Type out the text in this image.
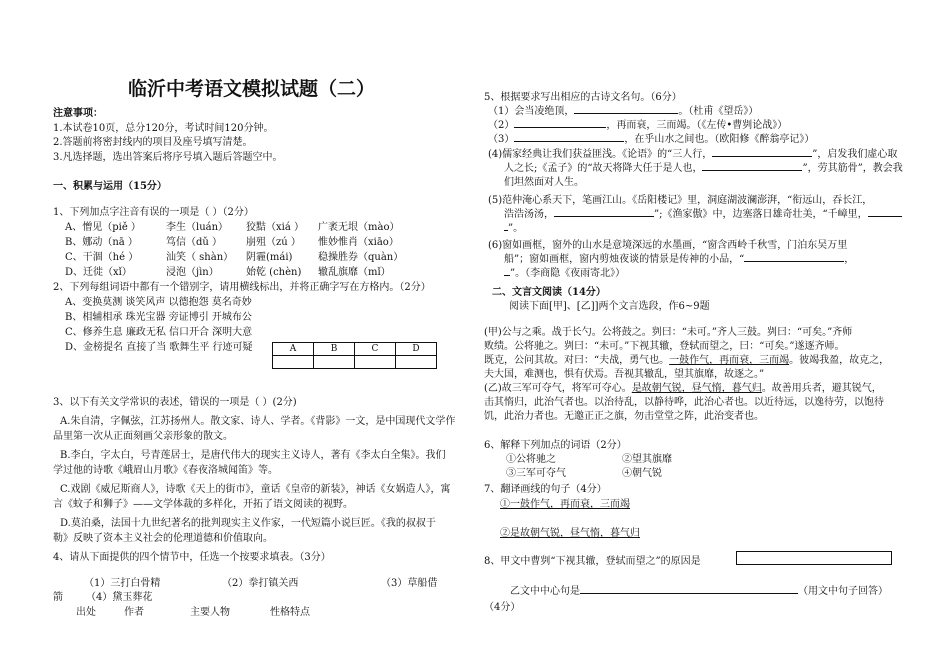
临沂中考语文模拟试题（二）
注意事项：
1.本试卷10页，总分120分，考试时间120分钟。
2.答题前将密封线内的项目及座号填写清楚。
3.凡选择题，选出答案后将序号填入题后答题空中。
一、积累与运用（15分）
1、下列加点字注音有误的一项是（ ）（2分）
A、憎见（piě ）	李生（luán） 狡黠（xiá ） 广袤无垠（mào）
B、娜动（nā ）	笃信（dǔ ） 崩殂（zú ） 惟妙惟肖（xiāo）
C、干涸（hé ）	汕笑（ shàn） 阴霾(mái)	稳操胜券（quàn）
D、迁徙（xǐ）	浸泡（jìn）	始乾 (chèn) 辙乱旗靡（mǐ）
2、下列每组词语中都有一个错别字，请用横线标出，并将正确字写在方格内。（2分）
A、变换莫测 谈笑风声 以德抱怨 莫名奇妙
B、相辅相承 珠光宝器 旁证博引 开城布公
C、修养生息 廉政无私 信口开合 深明大意
D、金榜提名 直接了当 歌舞生平 行迹可疑	A	B	C	D

3、以下有关文学常识的表述，错误的一项是（ ）(2分)
A.朱自清，字佩弦，江苏扬州人。散文家、诗人、学者。《背影》一文，是中国现代文学作
品里第一次从正面刻画父亲形象的散文。
B.李白，字太白，号青莲居士，是唐代伟大的现实主义诗人，著有《李太白全集》。我们
学过他的诗歌《峨眉山月歌》《春夜洛城闻笛》等。
C.戏剧《威尼斯商人》，诗歌《天上的街市》，童话《皇帝的新装》，神话《女娲造人》，寓
言《蚊子和狮子》——文学体裁的多样化，开拓了语文阅读的视野。
D.莫泊桑，法国十九世纪著名的批判现实主义作家，一代短篇小说巨匠。《我的叔叔于
勒》反映了资本主义社会的伦理道德和价值取向。
4、请从下面提供的四个情节中，任选一个按要求填表。（3分）
（1）三打白骨精	（2）拳打镇关西	（3）草船借
箭 （4）黛玉葬花
出处	作者	主要人物	性格特点
5、根据要求写出相应的古诗文名句。（6分）
（1）会当凌绝顶，	。（杜甫《望岳》）
（2）	，再而衰，三而竭。（《左传•曹刿论战》）
（3）	，在乎山水之间也。（欧阳修《醉翁亭记》）
(4)儒家经典让我们获益匪浅。《论语》的“三人行，	”，启发我们虚心取
人之长;《孟子》的“故天将降大任于是人也，	”，劳其筋骨”，教会我
们坦然面对人生。
(5)范仲淹心系天下，笔画江山。《岳阳楼记》里，洞庭湖波澜澎湃，“衔远山，吞长江，
浩浩汤汤，	”;《渔家傲》中，边塞落日雄奇壮美，“千嶂里，
”。
(6)窗如画框，窗外的山水是意境深远的水墨画，“窗含西岭千秋雪，门泊东吴万里
船”；窗如画框，窗内剪烛夜谈的情景是传神的小品，“	，
”。（李商隐《夜雨寄北》）
二、文言文阅读（14分）
阅读下面[甲]、[乙]]两个文言选段，作6~9题
(甲)公与之乘。战于长勺。公将鼓之。刿曰：“未可。”齐人三鼓。刿曰：“可矣。”齐师
败绩。公将驰之。刿曰：“未可。”下视其辙，登轼而望之，曰：“可矣。”遂逐齐师。
既克，公问其故。对曰：“夫战，勇气也。一鼓作气，再而衰，三而竭。彼竭我盈，故克之，
夫大国，难测也，惧有伏焉。吾视其辙乱，望其旗靡，故逐之。”
(乙)故三军可夺气，将军可夺心。是故朝气锐，昼气惰，暮气归。故善用兵者，避其锐气，
击其惰归，此治气者也。以治待乱，以静待哗，此治心者也。以近待远，以逸待劳，以饱待
饥，此治力者也。无邀正正之旗，勿击堂堂之阵，此治变者也。
6、解释下列加点的词语（2分）
①公将驰之	②望其旗靡
③三军可夺气	④朝气锐
7、翻译画线的句子（4分）
①一鼓作气，再而衰，三而竭
②是故朝气锐，昼气惰，暮气归
8、甲文中曹刿“下视其辙，登轼而望之”的原因是
乙文中中心句是	（用文中句子回答）
（4分）
